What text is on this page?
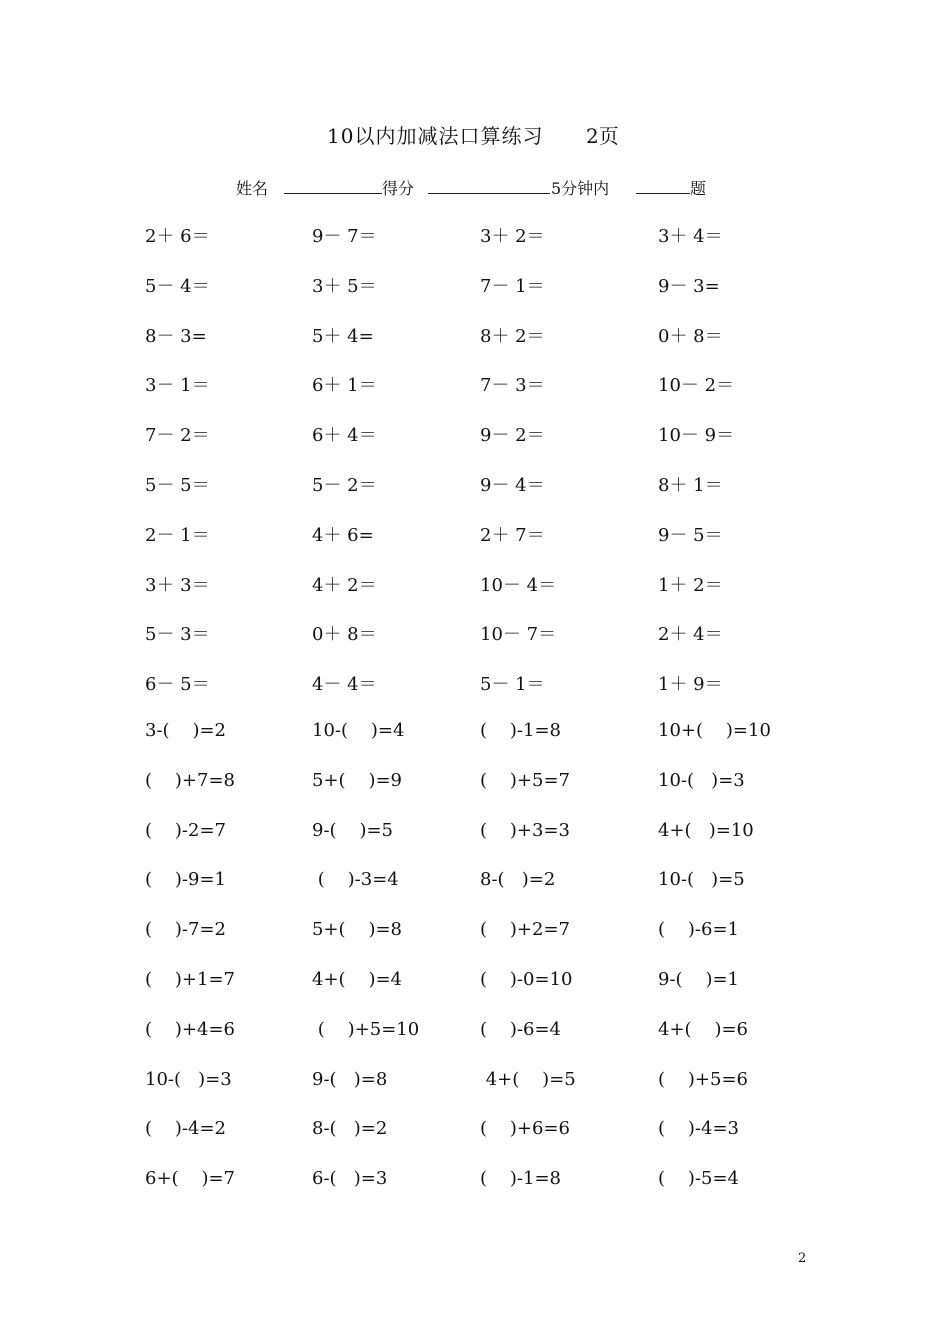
10以内加减法口算练习 2页
姓名	得分	5分钟内	题
2＋ 6＝	9－ 7＝	3＋ 2＝	3＋ 4＝
5－ 4＝	3＋ 5＝	7－ 1＝	9－ 3=
8－ 3=	5＋ 4=	8＋ 2＝	0＋ 8＝
3－ 1＝	6＋ 1＝	7－ 3＝	10－ 2＝
7－ 2＝	6＋ 4＝	9－ 2＝	10－ 9＝
5－ 5＝	5－ 2＝	9－ 4＝	8＋ 1＝
2－ 1＝	4＋ 6=	2＋ 7＝	9－ 5＝
3＋ 3＝	4＋ 2＝	10－ 4＝	1＋ 2＝
5－ 3＝	0＋ 8＝	10－ 7＝	2＋ 4＝
6－ 5＝	4－ 4＝	5－ 1＝	1＋ 9＝
3-(    )=2	10-(    )=4	(    )-1=8	10+(    )=10
(    )+7=8	5+(    )=9	(    )+5=7	10-(   )=3
(    )-2=7	9-(    )=5	(    )+3=3	4+(   )=10
(    )-9=1	(    )-3=4	8-(   )=2	10-(   )=5
(    )-7=2	5+(    )=8	(    )+2=7	(    )-6=1
(    )+1=7	4+(    )=4	(    )-0=10	9-(    )=1
(    )+4=6	(    )+5=10	(    )-6=4	4+(    )=6
10-(   )=3	9-(   )=8	4+(    )=5	(    )+5=6
(    )-4=2	8-(   )=2	(    )+6=6	(    )-4=3
6+(    )=7	6-(   )=3	(    )-1=8	(    )-5=4
2
